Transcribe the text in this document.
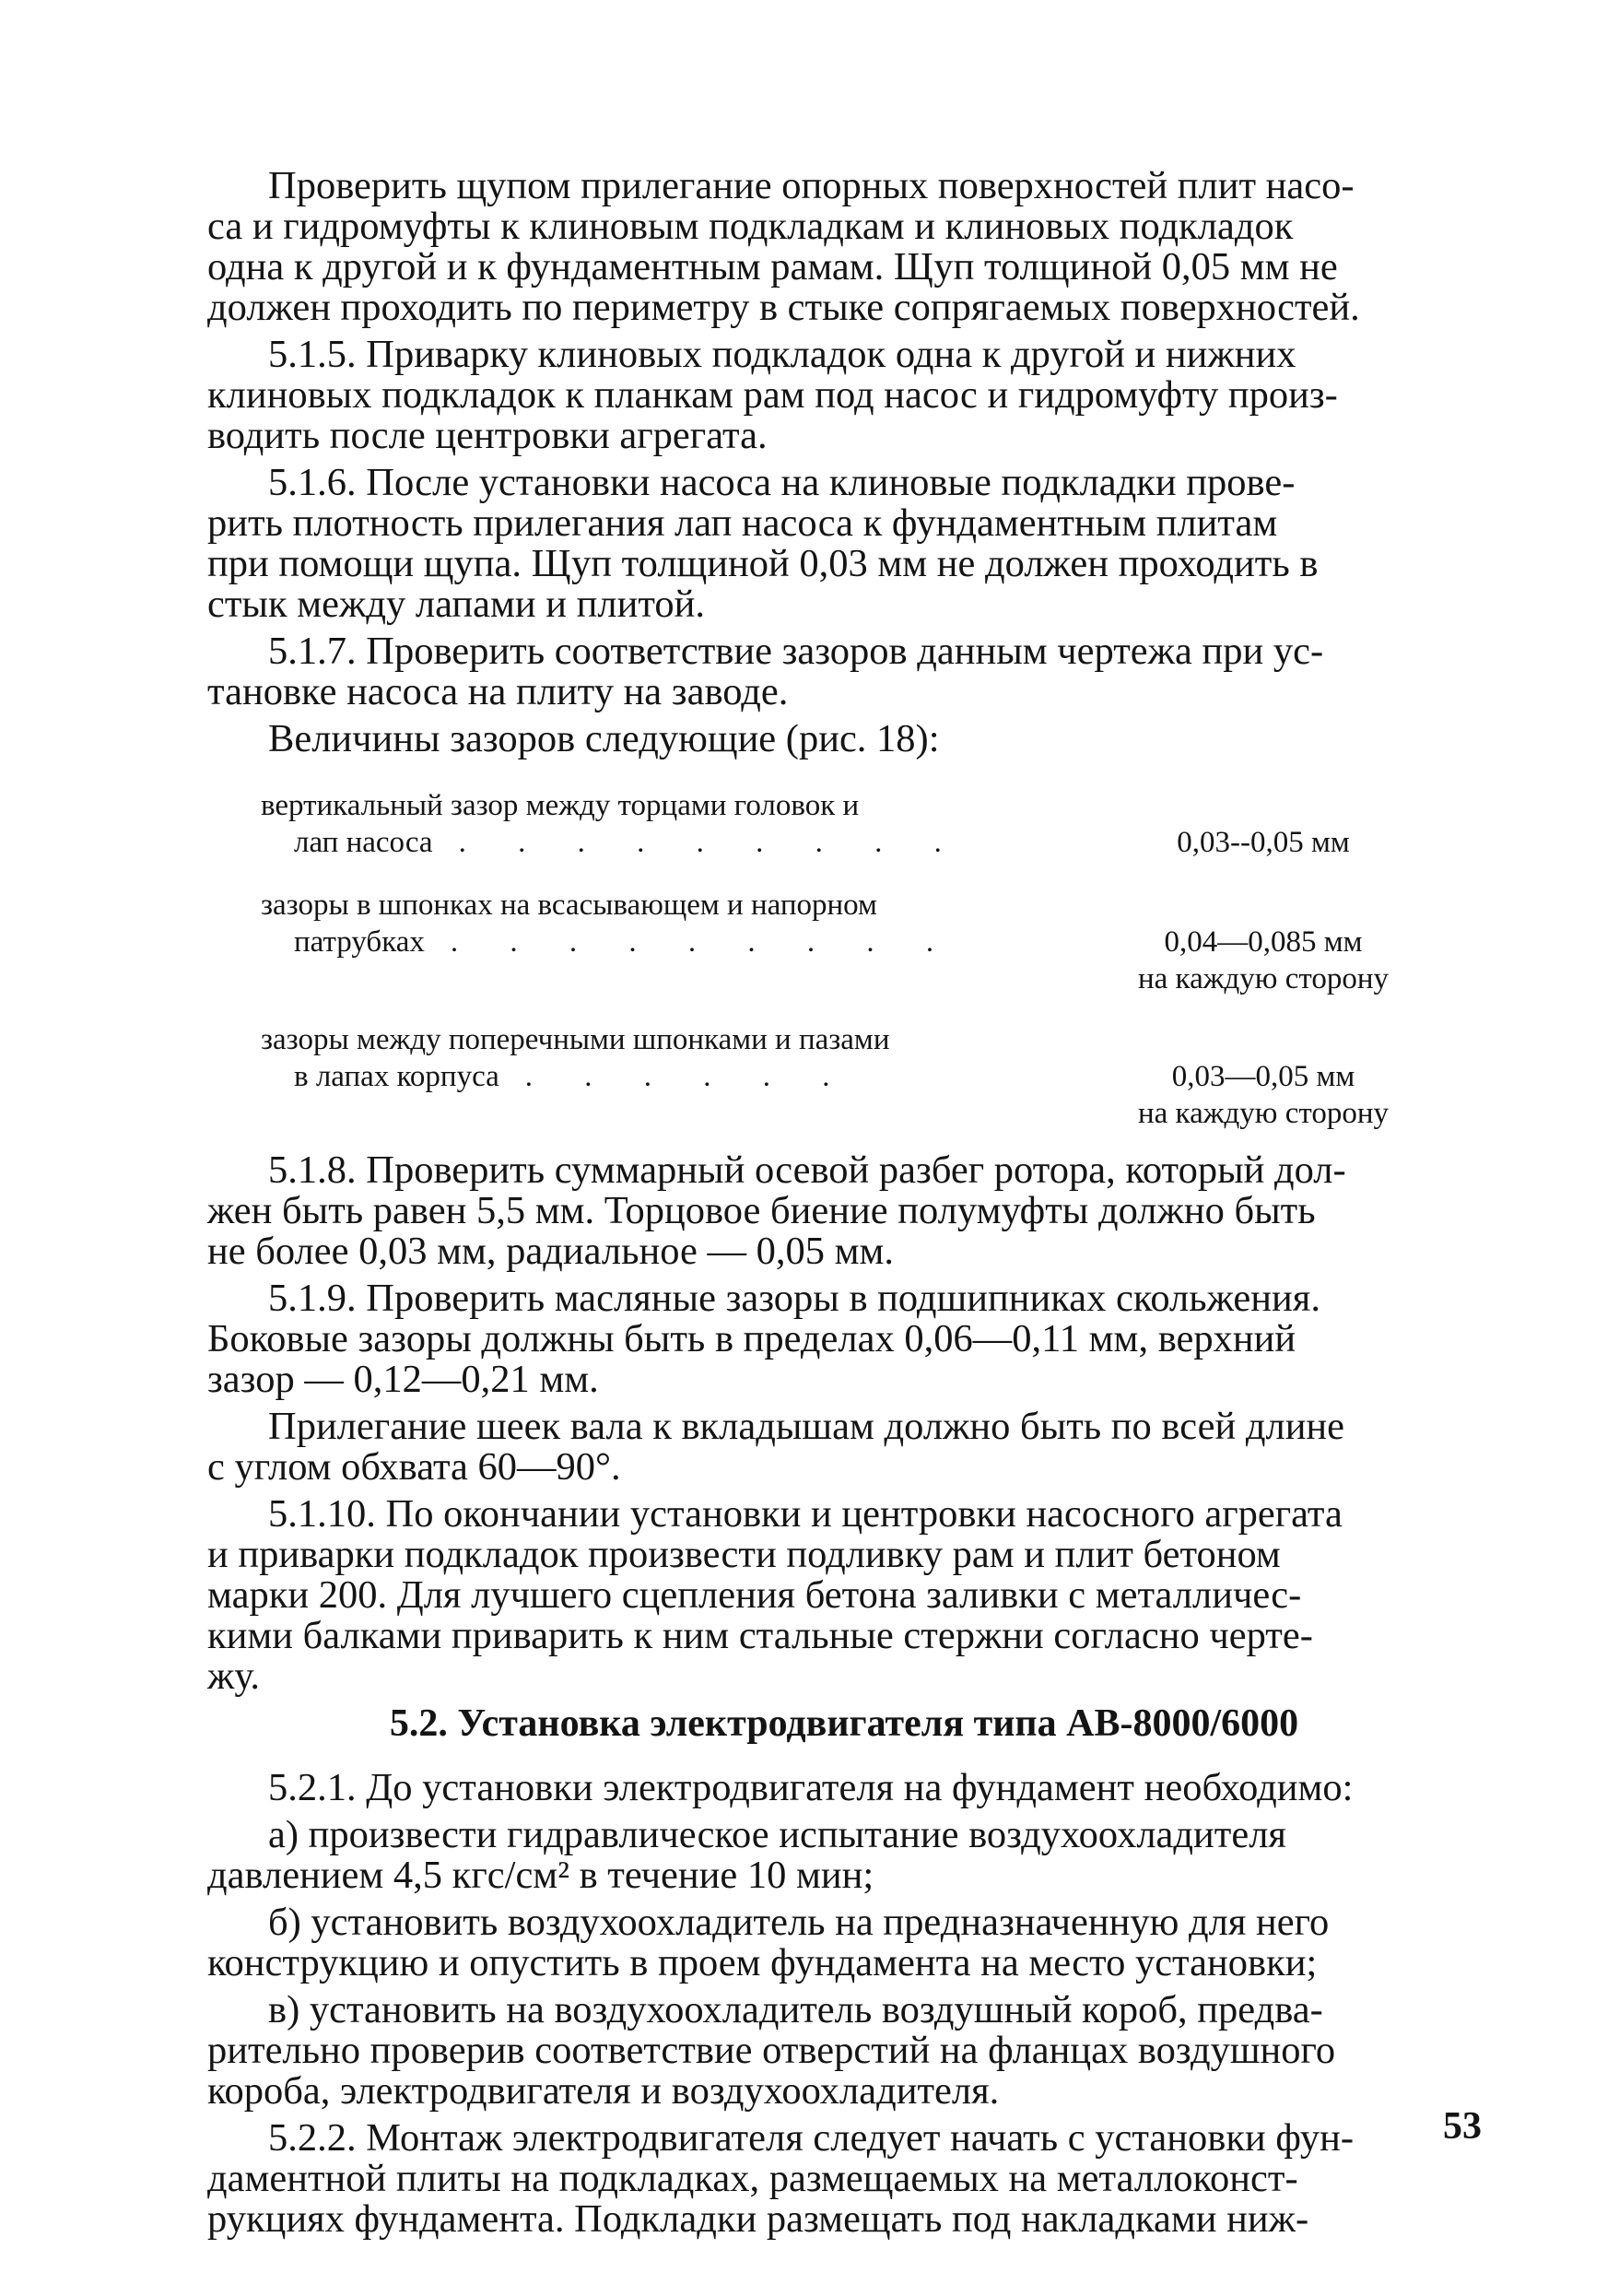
Проверить щупом прилегание опорных поверхностей плит насо-
са и гидромуфты к клиновым подкладкам и клиновых подкладок
одна к другой и к фундаментным рамам. Щуп толщиной 0,05 мм не
должен проходить по периметру в стыке сопрягаемых поверхностей.

5.1.5. Приварку клиновых подкладок одна к другой и нижних
клиновых подкладок к планкам рам под насос и гидромуфту произ-
водить после центровки агрегата.

5.1.6. После установки насоса на клиновые подкладки прове-
рить плотность прилегания лап насоса к фундаментным плитам
при помощи щупа. Щуп толщиной 0,03 мм не должен проходить в
стык между лапами и плитой.

5.1.7. Проверить соответствие зазоров данным чертежа при ус-
тановке насоса на плиту на заводе.

Величины зазоров следующие (рис. 18):

вертикальный зазор между торцами головок и
лап насоса . . . . . . . . .	0,03--0,05 мм
зазоры в шпонках на всасывающем и напорном
патрубках . . . . . . . . .	0,04—0,085 мм
на каждую сторону
зазоры между поперечными шпонками и пазами
в лапах корпуса . . . . . .	0,03—0,05 мм
на каждую сторону

5.1.8. Проверить суммарный осевой разбег ротора, который дол-
жен быть равен 5,5 мм. Торцовое биение полумуфты должно быть
не более 0,03 мм, радиальное — 0,05 мм.

5.1.9. Проверить масляные зазоры в подшипниках скольжения.
Боковые зазоры должны быть в пределах 0,06—0,11 мм, верхний
зазор — 0,12—0,21 мм.

Прилегание шеек вала к вкладышам должно быть по всей длине
с углом обхвата 60—90°.

5.1.10. По окончании установки и центровки насосного агрегата
и приварки подкладок произвести подливку рам и плит бетоном
марки 200. Для лучшего сцепления бетона заливки с металличес-
кими балками приварить к ним стальные стержни согласно черте-
жу.

5.2. Установка электродвигателя типа АВ-8000/6000

5.2.1. До установки электродвигателя на фундамент необходимо:

а) произвести гидравлическое испытание воздухоохладителя
давлением 4,5 кгс/см² в течение 10 мин;

б) установить воздухоохладитель на предназначенную для него
конструкцию и опустить в проем фундамента на место установки;

в) установить на воздухоохладитель воздушный короб, предва-
рительно проверив соответствие отверстий на фланцах воздушного
короба, электродвигателя и воздухоохладителя.

5.2.2. Монтаж электродвигателя следует начать с установки фун-
даментной плиты на подкладках, размещаемых на металлоконст-
рукциях фундамента. Подкладки размещать под накладками ниж-

53
